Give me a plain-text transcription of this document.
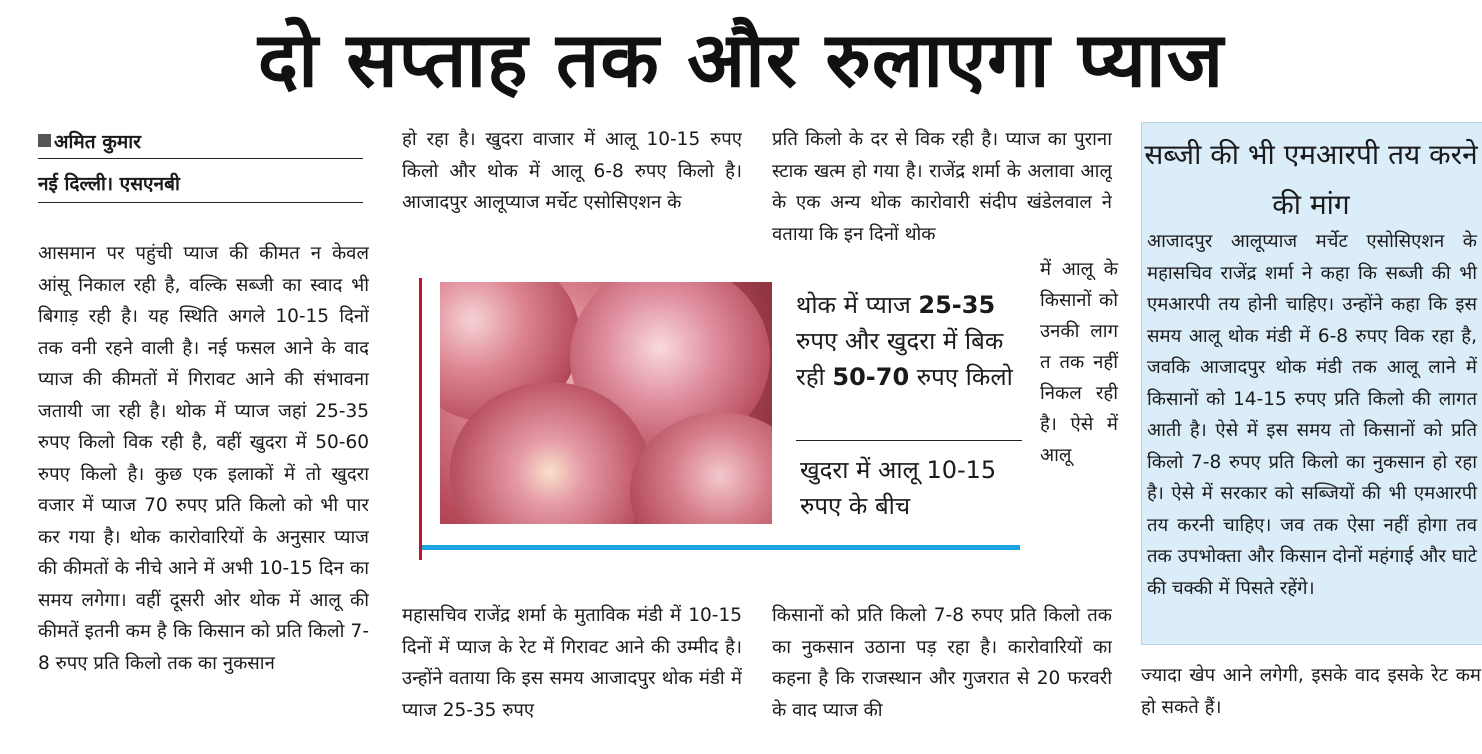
दो सप्ताह तक और रुलाएगा प्याज
अमित कुमार
नई दिल्ली। एसएनबी
आसमान पर पहुंची प्याज की कीमत न केवल आंसू निकाल रही है, वल्कि सब्जी का स्वाद भी बिगाड़ रही है। यह स्थिति अगले 10-15 दिनों तक वनी रहने वाली है। नई फसल आने के वाद प्याज की कीमतों में गिरावट आने की संभावना जतायी जा रही है। थोक में प्याज जहां 25-35 रुपए किलो विक रही है, वहीं खुदरा में 50-60 रुपए किलो है। कुछ एक इलाकों में तो खुदरा वजार में प्याज 70 रुपए प्रति किलो को भी पार कर गया है। थोक कारोवारियों के अनुसार प्याज की कीमतों के नीचे आने में अभी 10-15 दिन का समय लगेगा। वहीं दूसरी ओर थोक में आलू की कीमतें इतनी कम है कि किसान को प्रति किलो 7-8 रुपए प्रति किलो तक का नुकसान
हो रहा है। खुदरा वाजार में आलू 10-15 रुपए किलो और थोक में आलू 6-8 रुपए किलो है। आजादपुर आलूप्याज मर्चेट एसोसिएशन के
प्रति किलो के दर से विक रही है। प्याज का पुराना स्टाक खत्म हो गया है। राजेंद्र शर्मा के अलावा आलू के एक अन्य थोक कारोवारी संदीप खंडेलवाल ने वताया कि इन दिनों थोक
थोक में प्याज 25-35 रुपए और खुदरा में बिक रही 50-70 रुपए किलो
खुदरा में आलू 10-15 रुपए के बीच
में आलू के किसानों को उनकी लागत तक नहीं निकल रही है। ऐसे में आलू
महासचिव राजेंद्र शर्मा के मुताविक मंडी में 10-15 दिनों में प्याज के रेट में गिरावट आने की उम्मीद है। उन्होंने वताया कि इस समय आजादपुर थोक मंडी में प्याज 25-35 रुपए
किसानों को प्रति किलो 7-8 रुपए प्रति किलो तक का नुकसान उठाना पड़ रहा है। कारोवारियों का कहना है कि राजस्थान और गुजरात से 20 फरवरी के वाद प्याज की
सब्जी की भी एमआरपी तय करने की मांग
आजादपुर आलूप्याज मर्चेट एसोसिएशन के महासचिव राजेंद्र शर्मा ने कहा कि सब्जी की भी एमआरपी तय होनी चाहिए। उन्होंने कहा कि इस समय आलू थोक मंडी में 6-8 रुपए विक रहा है, जवकि आजादपुर थोक मंडी तक आलू लाने में किसानों को 14-15 रुपए प्रति किलो की लागत आती है। ऐसे में इस समय तो किसानों को प्रति किलो 7-8 रुपए प्रति किलो का नुकसान हो रहा है। ऐसे में सरकार को सब्जियों की भी एमआरपी तय करनी चाहिए। जव तक ऐसा नहीं होगा तव तक उपभोक्ता और किसान दोनों महंगाई और घाटे की चक्की में पिसते रहेंगे।
ज्यादा खेप आने लगेगी, इसके वाद इसके रेट कम हो सकते हैं।
